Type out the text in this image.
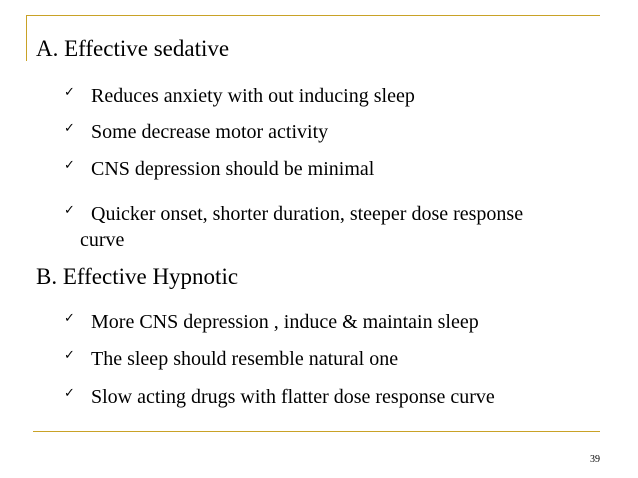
A. Effective sedative
✓ Reduces anxiety with out inducing sleep
✓ Some decrease motor activity
✓ CNS depression should be minimal
✓ Quicker onset, shorter duration, steeper dose response
curve
B. Effective Hypnotic
✓ More CNS depression , induce & maintain sleep
✓ The sleep should resemble natural one
✓ Slow acting drugs with flatter dose response curve
39
